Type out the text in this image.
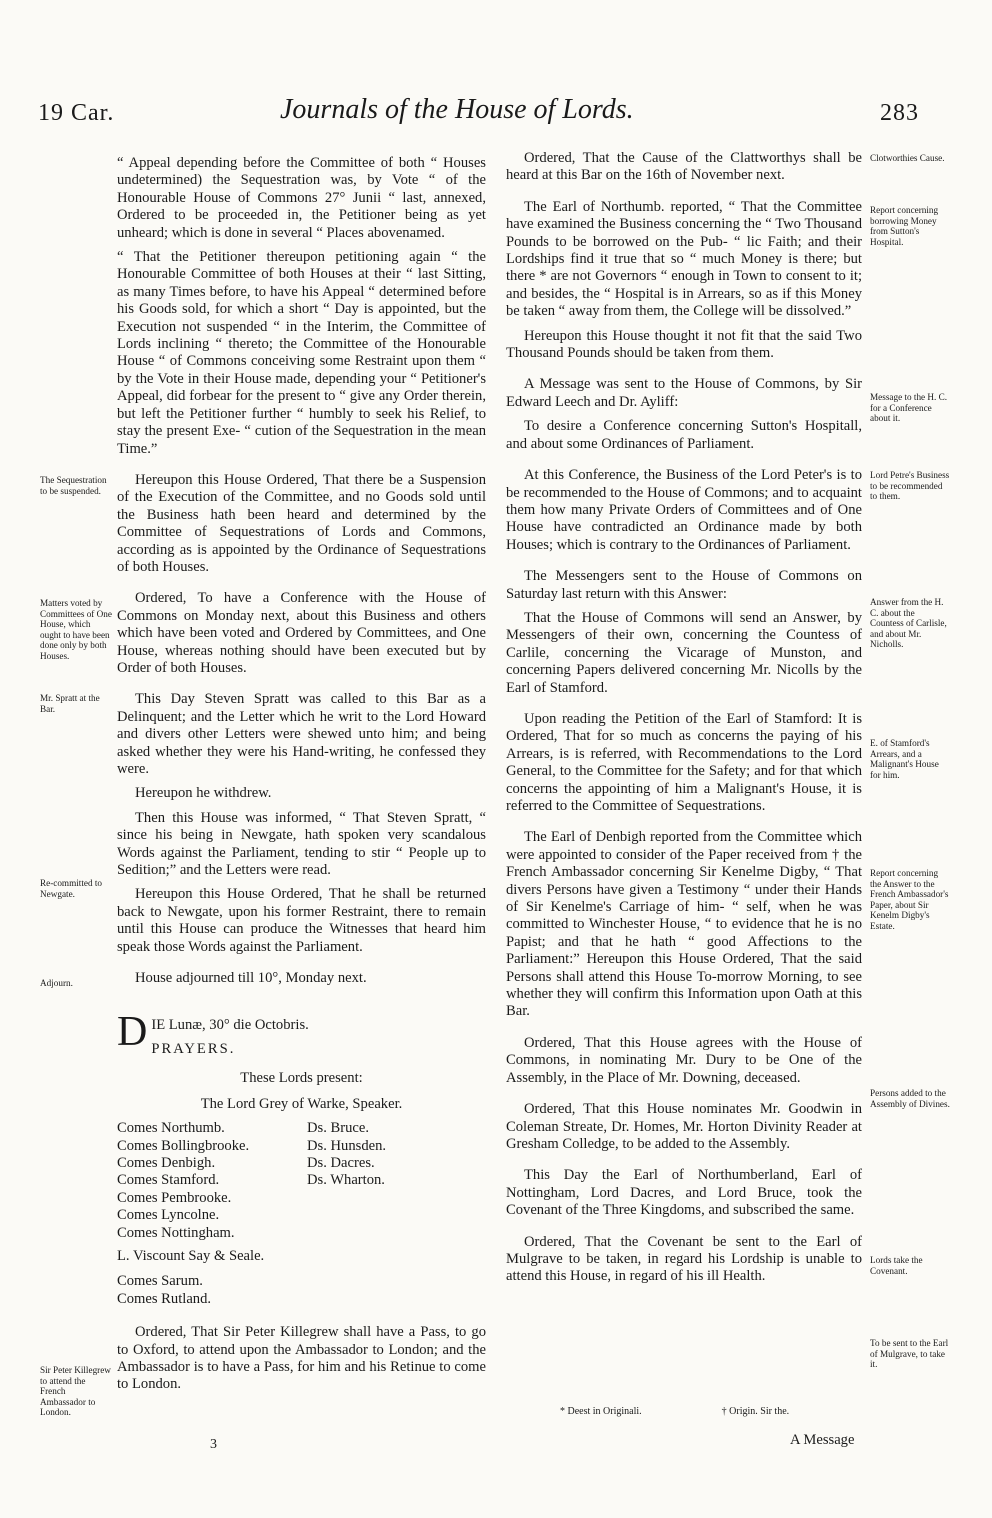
19 Car.	Journals of the House of Lords.	283

“ Appeal depending before the Committee of both “ Houses undetermined) the Sequestration was, by Vote “ of the Honourable House of Commons 27° Junii “ last, annexed, Ordered to be proceeded in, the Petitioner being as yet unheard; which is done in several “ Places abovenamed.

“ That the Petitioner thereupon petitioning again “ the Honourable Committee of both Houses at their “ last Sitting, as many Times before, to have his Appeal “ determined before his Goods sold, for which a short “ Day is appointed, but the Execution not suspended “ in the Interim, the Committee of Lords inclining “ thereto; the Committee of the Honourable House “ of Commons conceiving some Restraint upon them “ by the Vote in their House made, depending your “ Petitioner's Appeal, did forbear for the present to “ give any Order therein, but left the Petitioner further “ humbly to seek his Relief, to stay the present Exe- “ cution of the Sequestration in the mean Time.”

Hereupon this House Ordered, That there be a Suspension of the Execution of the Committee, and no Goods sold until the Business hath been heard and determined by the Committee of Sequestrations of Lords and Commons, according as is appointed by the Ordinance of Sequestrations of both Houses.

Ordered, To have a Conference with the House of Commons on Monday next, about this Business and others which have been voted and Ordered by Committees, and One House, whereas nothing should have been executed but by Order of both Houses.

This Day Steven Spratt was called to this Bar as a Delinquent; and the Letter which he writ to the Lord Howard and divers other Letters were shewed unto him; and being asked whether they were his Hand-writing, he confessed they were.

Hereupon he withdrew.

Then this House was informed, “ That Steven Spratt, “ since his being in Newgate, hath spoken very scandalous Words against the Parliament, tending to stir “ People up to Sedition;” and the Letters were read.

Hereupon this House Ordered, That he shall be returned back to Newgate, upon his former Restraint, there to remain until this House can produce the Witnesses that heard him speak those Words against the Parliament.

House adjourned till 10°, Monday next.

D IE Lunæ, 30° die Octobris.
PRAYERS.

These Lords present:

The Lord Grey of Warke, Speaker.

Comes Northumb.
Comes Bollingbrooke.
Comes Denbigh.
Comes Stamford.
Comes Pembrooke.
Comes Lyncolne.
Comes Nottingham.
Ds. Bruce.
Ds. Hunsden.
Ds. Dacres.
Ds. Wharton.
L. Viscount Say & Seale.
Comes Sarum.
Comes Rutland.

Ordered, That Sir Peter Killegrew shall have a Pass, to go to Oxford, to attend upon the Ambassador to London; and the Ambassador is to have a Pass, for him and his Retinue to come to London.

The Sequestration to be suspended.
Matters voted by Committees of One House, which ought to have been done only by both Houses.
Mr. Spratt at the Bar.
Re-committed to Newgate.
Adjourn.
Sir Peter Killegrew to attend the French Ambassador to London.

Ordered, That the Cause of the Clattworthys shall be heard at this Bar on the 16th of November next.

The Earl of Northumb. reported, “ That the Committee have examined the Business concerning the “ Two Thousand Pounds to be borrowed on the Pub- “ lic Faith; and their Lordships find it true that so “ much Money is there; but there * are not Governors “ enough in Town to consent to it; and besides, the “ Hospital is in Arrears, so as if this Money be taken “ away from them, the College will be dissolved.”

Hereupon this House thought it not fit that the said Two Thousand Pounds should be taken from them.

A Message was sent to the House of Commons, by Sir Edward Leech and Dr. Ayliff:

To desire a Conference concerning Sutton's Hospitall, and about some Ordinances of Parliament.

At this Conference, the Business of the Lord Peter's is to be recommended to the House of Commons; and to acquaint them how many Private Orders of Committees and of One House have contradicted an Ordinance made by both Houses; which is contrary to the Ordinances of Parliament.

The Messengers sent to the House of Commons on Saturday last return with this Answer:

That the House of Commons will send an Answer, by Messengers of their own, concerning the Countess of Carlile, concerning the Vicarage of Munston, and concerning Papers delivered concerning Mr. Nicolls by the Earl of Stamford.

Upon reading the Petition of the Earl of Stamford: It is Ordered, That for so much as concerns the paying of his Arrears, is is referred, with Recommendations to the Lord General, to the Committee for the Safety; and for that which concerns the appointing of him a Malignant's House, it is referred to the Committee of Sequestrations.

The Earl of Denbigh reported from the Committee which were appointed to consider of the Paper received from † the French Ambassador concerning Sir Kenelme Digby, “ That divers Persons have given a Testimony “ under their Hands of Sir Kenelme's Carriage of him- “ self, when he was committed to Winchester House, “ to evidence that he is no Papist; and that he hath “ good Affections to the Parliament:” Hereupon this House Ordered, That the said Persons shall attend this House To-morrow Morning, to see whether they will confirm this Information upon Oath at this Bar.

Ordered, That this House agrees with the House of Commons, in nominating Mr. Dury to be One of the Assembly, in the Place of Mr. Downing, deceased.

Ordered, That this House nominates Mr. Goodwin in Coleman Streate, Dr. Homes, Mr. Horton Divinity Reader at Gresham Colledge, to be added to the Assembly.

This Day the Earl of Northumberland, Earl of Nottingham, Lord Dacres, and Lord Bruce, took the Covenant of the Three Kingdoms, and subscribed the same.

Ordered, That the Covenant be sent to the Earl of Mulgrave to be taken, in regard his Lordship is unable to attend this House, in regard of his ill Health.

Clotworthies Cause.
Report concerning borrowing Money from Sutton's Hospital.
Message to the H. C. for a Conference about it.
Lord Petre's Business to be recommended to them.
Answer from the H. C. about the Countess of Carlisle, and about Mr. Nicholls.
E. of Stamford's Arrears, and a Malignant's House for him.
Report concerning the Answer to the French Ambassador's Paper, about Sir Kenelm Digby's Estate.
Persons added to the Assembly of Divines.
Lords take the Covenant.
To be sent to the Earl of Mulgrave, to take it.
3
* Deest in Originali.	† Origin. Sir the.
A Message
